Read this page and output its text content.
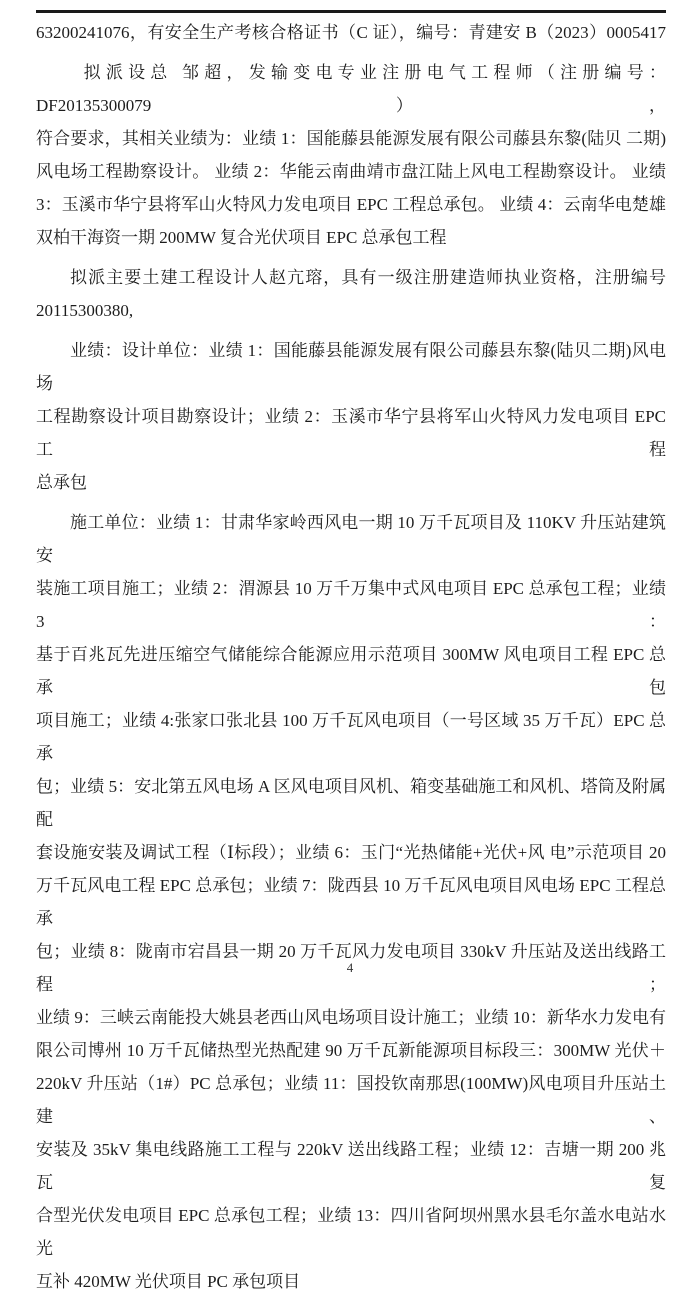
63200241076，有安全生产考核合格证书（C 证），编号：青建安 B（2023）0005417
拟派设总 邹超，发输变电专业注册电气工程师（注册编号：DF20135300079），
符合要求，其相关业绩为：业绩 1：国能藤县能源发展有限公司藤县东黎(陆贝 二期)
风电场工程勘察设计。 业绩 2：华能云南曲靖市盘江陆上风电工程勘察设计。 业绩
3：玉溪市华宁县将军山火特风力发电项目 EPC 工程总承包。 业绩 4：云南华电楚雄
双柏干海资一期 200MW 复合光伏项目 EPC 总承包工程
拟派主要土建工程设计人赵亢瑢，具有一级注册建造师执业资格，注册编号
20115300380,
业绩：设计单位：业绩 1：国能藤县能源发展有限公司藤县东黎(陆贝二期)风电场
工程勘察设计项目勘察设计；业绩 2：玉溪市华宁县将军山火特风力发电项目 EPC 工程
总承包
施工单位：业绩 1：甘肃华家岭西风电一期 10 万千瓦项目及 110KV 升压站建筑安
装施工项目施工；业绩 2：渭源县 10 万千万集中式风电项目 EPC 总承包工程；业绩 3：
基于百兆瓦先进压缩空气储能综合能源应用示范项目 300MW 风电项目工程 EPC 总承包
项目施工；业绩 4:张家口张北县 100 万千瓦风电项目（一号区域 35 万千瓦）EPC 总承
包；业绩 5：安北第五风电场 A 区风电项目风机、箱变基础施工和风机、塔筒及附属配
套设施安装及调试工程（Ⅰ标段）；业绩 6：玉门“光热储能+光伏+风 电”示范项目 20
万千瓦风电工程 EPC 总承包；业绩 7：陇西县 10 万千瓦风电项目风电场 EPC 工程总承
包；业绩 8：陇南市宕昌县一期 20 万千瓦风力发电项目 330kV 升压站及送出线路工程；
业绩 9：三峡云南能投大姚县老西山风电场项目设计施工；业绩 10：新华水力发电有
限公司博州 10 万千瓦储热型光热配建 90 万千瓦新能源项目标段三：300MW 光伏＋
220kV 升压站（1#）PC 总承包；业绩 11：国投钦南那思(100MW)风电项目升压站土建、
安装及 35kV 集电线路施工工程与 220kV 送出线路工程；业绩 12：吉塘一期 200 兆瓦复
合型光伏发电项目 EPC 总承包工程；业绩 13：四川省阿坝州黑水县毛尔盖水电站水光
互补 420MW 光伏项目 PC 承包项目
4
